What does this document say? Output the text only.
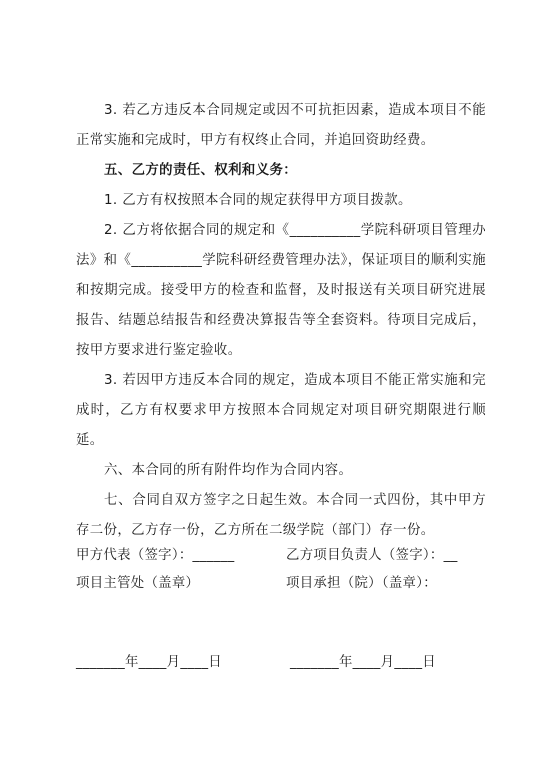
3. 若乙方违反本合同规定或因不可抗拒因素，造成本项目不能正常实施和完成时，甲方有权终止合同，并追回资助经费。

五、乙方的责任、权利和义务：

1. 乙方有权按照本合同的规定获得甲方项目拨款。

2. 乙方将依据合同的规定和《__________学院科研项目管理办法》和《__________学院科研经费管理办法》，保证项目的顺利实施和按期完成。接受甲方的检查和监督，及时报送有关项目研究进展报告、结题总结报告和经费决算报告等全套资料。待项目完成后，按甲方要求进行鉴定验收。

3. 若因甲方违反本合同的规定，造成本项目不能正常实施和完成时，乙方有权要求甲方按照本合同规定对项目研究期限进行顺延。

六、本合同的所有附件均作为合同内容。

七、合同自双方签字之日起生效。本合同一式四份，其中甲方存二份，乙方存一份，乙方所在二级学院（部门）存一份。

甲方代表（签字）：______	乙方项目负责人（签字）：__
项目主管处（盖章）	项目承担（院）（盖章）：
_______年____月____日	_______年____月____日
